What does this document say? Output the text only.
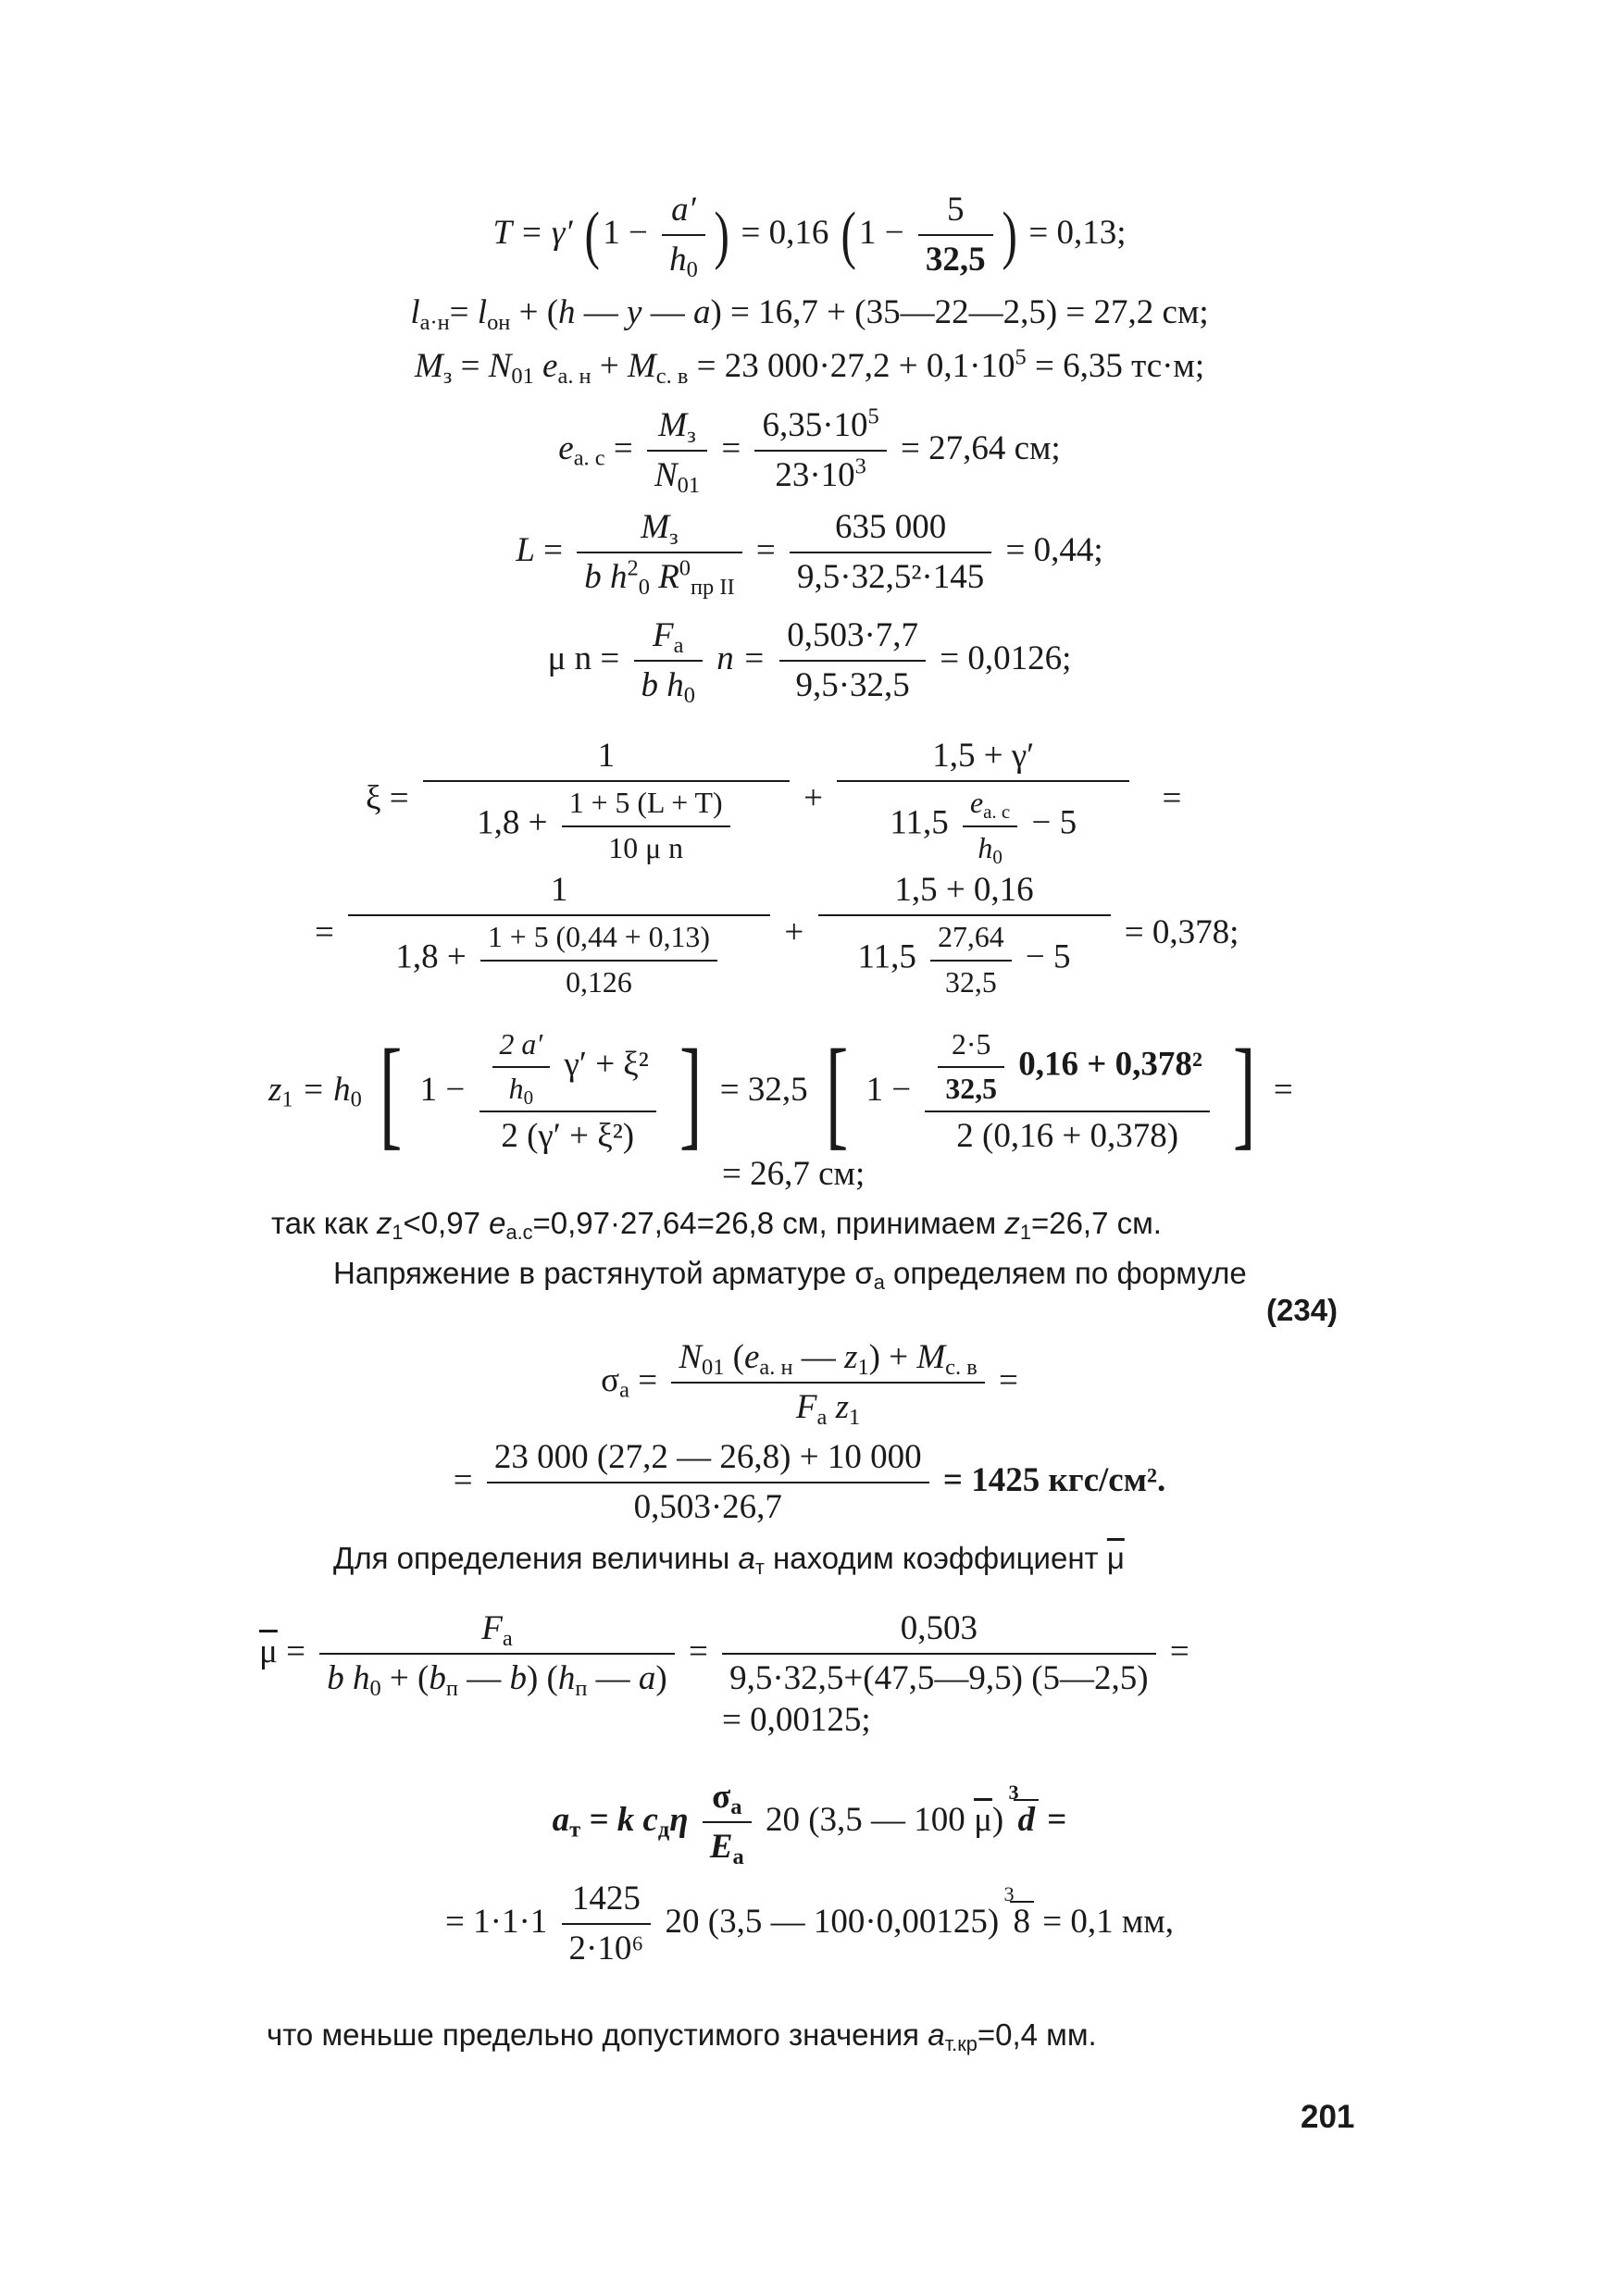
T = γ′ ($1 - \frac{a'}{h_0}$ ) = 0,16 ($1 - \frac{5}{32,5}$ ) = 0,13;
$l_{а\cdot н}= l_{он} + (h$ — y — a) = 16,7 + (35—22—2,5) = 27,2 см;
$M_з = N_{01}$ $e_{а. н} + M_{с. в} = 23$ $000\cdot 27,2 + 0,1\cdot 10^5 = 6,35$ тс·м;
$e_{а. с}$ =
$M_з$
$N_{01}$
= $\frac{6,35\cdot 10^5}{23\cdot 10^3} = 27,64$ см;
L =
$M_з$
b $h^2_0$ $R^0_{пр II}$
= $\frac{635 000}{\text{9,5·32,5²·145}} = 0,44$;
μ n =
$F_а$
b $h_0$
$n = \frac{0,503\cdot 7,7}{9,5\cdot 32,5} = 0,0126$;
$\xi = \frac{1}{1,8 + \frac{1 + 5 (L + T)}{\text{10 μ n}}}$ +
1,5 + γ′
11,5
$e_{а. с}$
$h_0$
− 5
=
= $\frac{1}{1,8 + \frac{1 + 5 (0,44 + 0,13)}{0,126}} + \frac{1,5 + 0,16}{11,5 \frac{27,64}{32,5} - 5} = 0,378$;
$z_1 = h_0$ [ $1 - \frac{\frac{2 a'}{h_0} \gamma' + \xi^2}{\text{2 (γ′ + ξ²)}}$ ] = 32,5 [ $1 - \frac{\frac{2\cdot 5}{32,5} 0,16 + 0,378^2}{2 (0,16 + 0,378)}$ ] =
= 26,7 см;
так как $z_1<0,97$ $e_{а.с}=0,97\cdot 27,64=26,8$ см, принимаем $z_1=26,7$ см.
Напряжение в растянутой арматуре $\sigma_а$ определяем по формуле
(234)
$\sigma_а$ =
$N_{01}$ ($e_{а. н}$ — $z_1) + M_{с. в}$
$F_а$ $z_1$
=
= $\frac{23 000 (27,2 — 26,8) + 10 000}{0,503\cdot 26,7} = 1425$ кгс/см².
Для определения величины $a_т$ находим коэффициент $\overline{\mu}$
$\overline{\mu}$ =
$F_а$
b $h_0 + (b_п$ — b) ($h_п$ — a)
= $\frac{0,503}{9,5\cdot 32,5+(47,5—9,5) (5—2,5)}$ =
= 0,00125;
$a_т = k$ $c_д\eta$
$\sigma_а$
$E_а$
20 (3,5 — 100 $\overline{\mu}$)
3
d =
= $1\cdot 1\cdot 1 \frac{1425}{\text{2·10⁶}} 20$ (3,5 — 100·0,00125)
3
8 = 0,1 мм,
что меньше предельно допустимого значения $a_{т.кр}=0,4$ мм.
201
